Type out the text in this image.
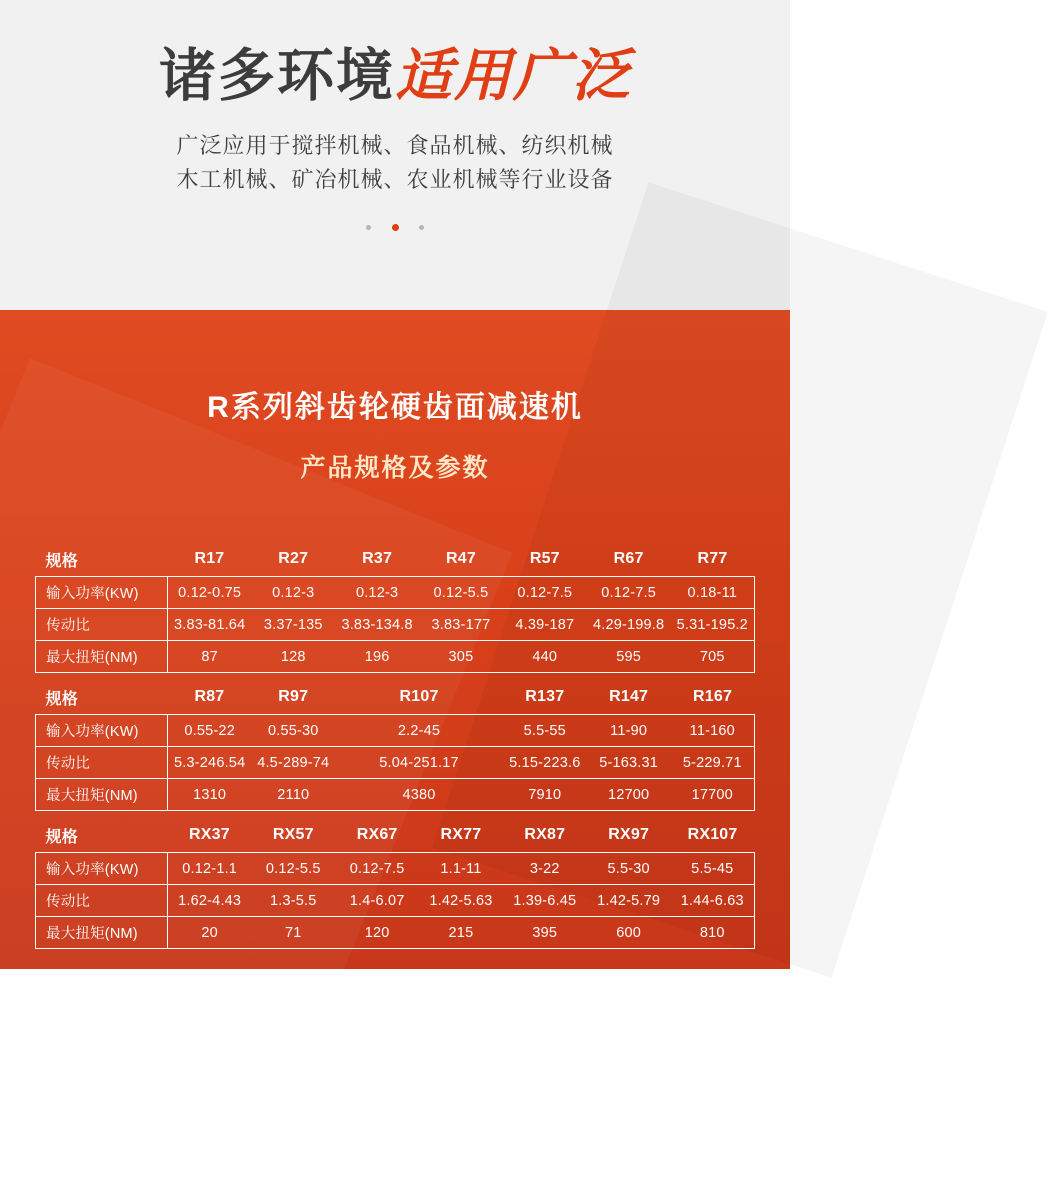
诸多环境适用广泛
广泛应用于搅拌机械、食品机械、纺织机械
木工机械、矿冶机械、农业机械等行业设备

R系列斜齿轮硬齿面减速机
产品规格及参数
规格	R17	R27	R37	R47	R57	R67	R77
输入功率(KW)	0.12-0.75	0.12-3	0.12-3	0.12-5.5	0.12-7.5	0.12-7.5	0.18-11
传动比	3.83-81.64	3.37-135	3.83-134.8	3.83-177	4.39-187	4.29-199.8	5.31-195.2
最大扭矩(NM)	87	128	196	305	440	595	705

规格	R87	R97	R107		R137	R147	R167
输入功率(KW)	0.55-22	0.55-30	2.2-45		5.5-55	11-90	11-160
传动比	5.3-246.54	4.5-289-74	5.04-251.17		5.15-223.6	5-163.31	5-229.71
最大扭矩(NM)	1310	2110	4380		7910	12700	17700

规格	RX37	RX57	RX67	RX77	RX87	RX97	RX107
输入功率(KW)	0.12-1.1	0.12-5.5	0.12-7.5	1.1-11	3-22	5.5-30	5.5-45
传动比	1.62-4.43	1.3-5.5	1.4-6.07	1.42-5.63	1.39-6.45	1.42-5.79	1.44-6.63
最大扭矩(NM)	20	71	120	215	395	600	810
雁峰集团有限公司
